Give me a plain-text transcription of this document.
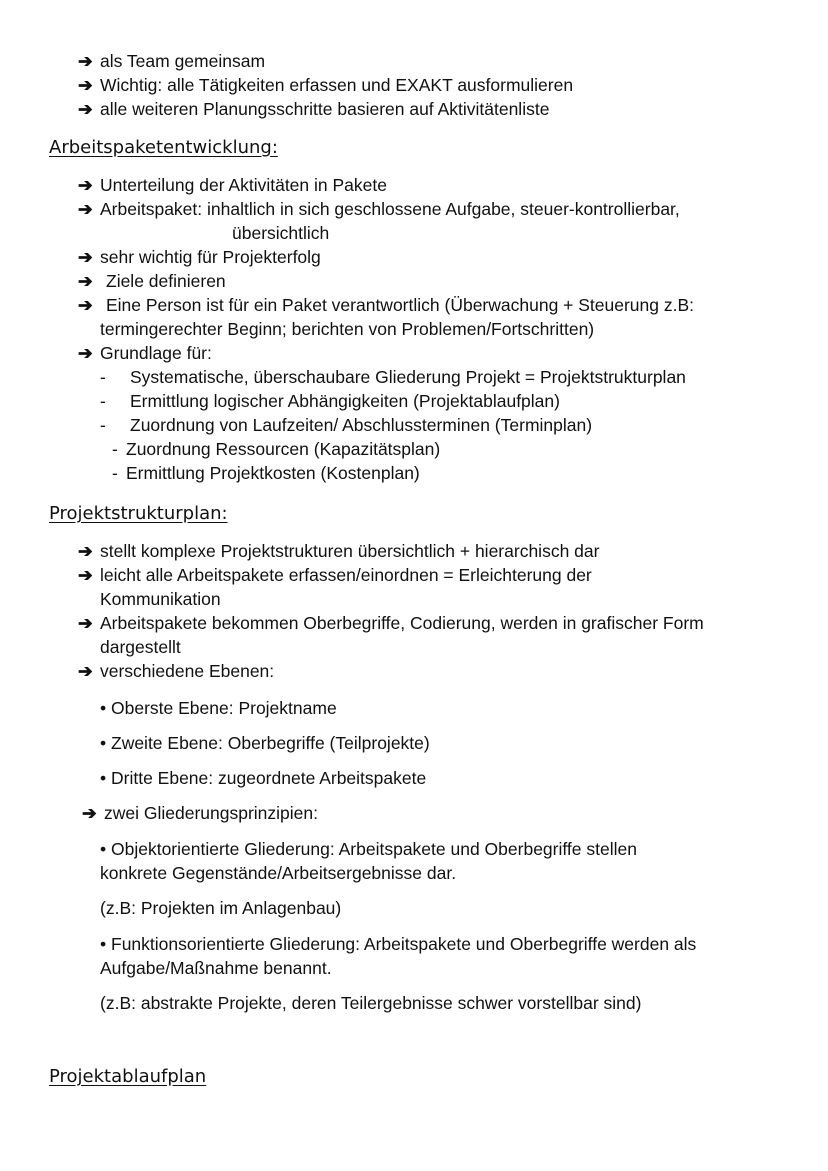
➔ als Team gemeinsam
➔ Wichtig: alle Tätigkeiten erfassen und EXAKT ausformulieren
➔ alle weiteren Planungsschritte basieren auf Aktivitätenliste
Arbeitspaketentwicklung:
➔ Unterteilung der Aktivitäten in Pakete
➔ Arbeitspaket: inhaltlich in sich geschlossene Aufgabe, steuer-kontrollierbar,
übersichtlich
➔ sehr wichtig für Projekterfolg
➔ Ziele definieren
➔ Eine Person ist für ein Paket verantwortlich (Überwachung + Steuerung z.B:
termingerechter Beginn; berichten von Problemen/Fortschritten)
➔ Grundlage für:
- Systematische, überschaubare Gliederung Projekt = Projektstrukturplan
- Ermittlung logischer Abhängigkeiten (Projektablaufplan)
- Zuordnung von Laufzeiten/ Abschlussterminen (Terminplan)
- Zuordnung Ressourcen (Kapazitätsplan)
- Ermittlung Projektkosten (Kostenplan)
Projektstrukturplan:
➔ stellt komplexe Projektstrukturen übersichtlich + hierarchisch dar
➔ leicht alle Arbeitspakete erfassen/einordnen = Erleichterung der
Kommunikation
➔ Arbeitspakete bekommen Oberbegriffe, Codierung, werden in grafischer Form
dargestellt
➔ verschiedene Ebenen:
• Oberste Ebene: Projektname
• Zweite Ebene: Oberbegriffe (Teilprojekte)
• Dritte Ebene: zugeordnete Arbeitspakete
➔ zwei Gliederungsprinzipien:
• Objektorientierte Gliederung: Arbeitspakete und Oberbegriffe stellen
konkrete Gegenstände/Arbeitsergebnisse dar.
(z.B: Projekten im Anlagenbau)
• Funktionsorientierte Gliederung: Arbeitspakete und Oberbegriffe werden als
Aufgabe/Maßnahme benannt.
(z.B: abstrakte Projekte, deren Teilergebnisse schwer vorstellbar sind)
Projektablaufplan
